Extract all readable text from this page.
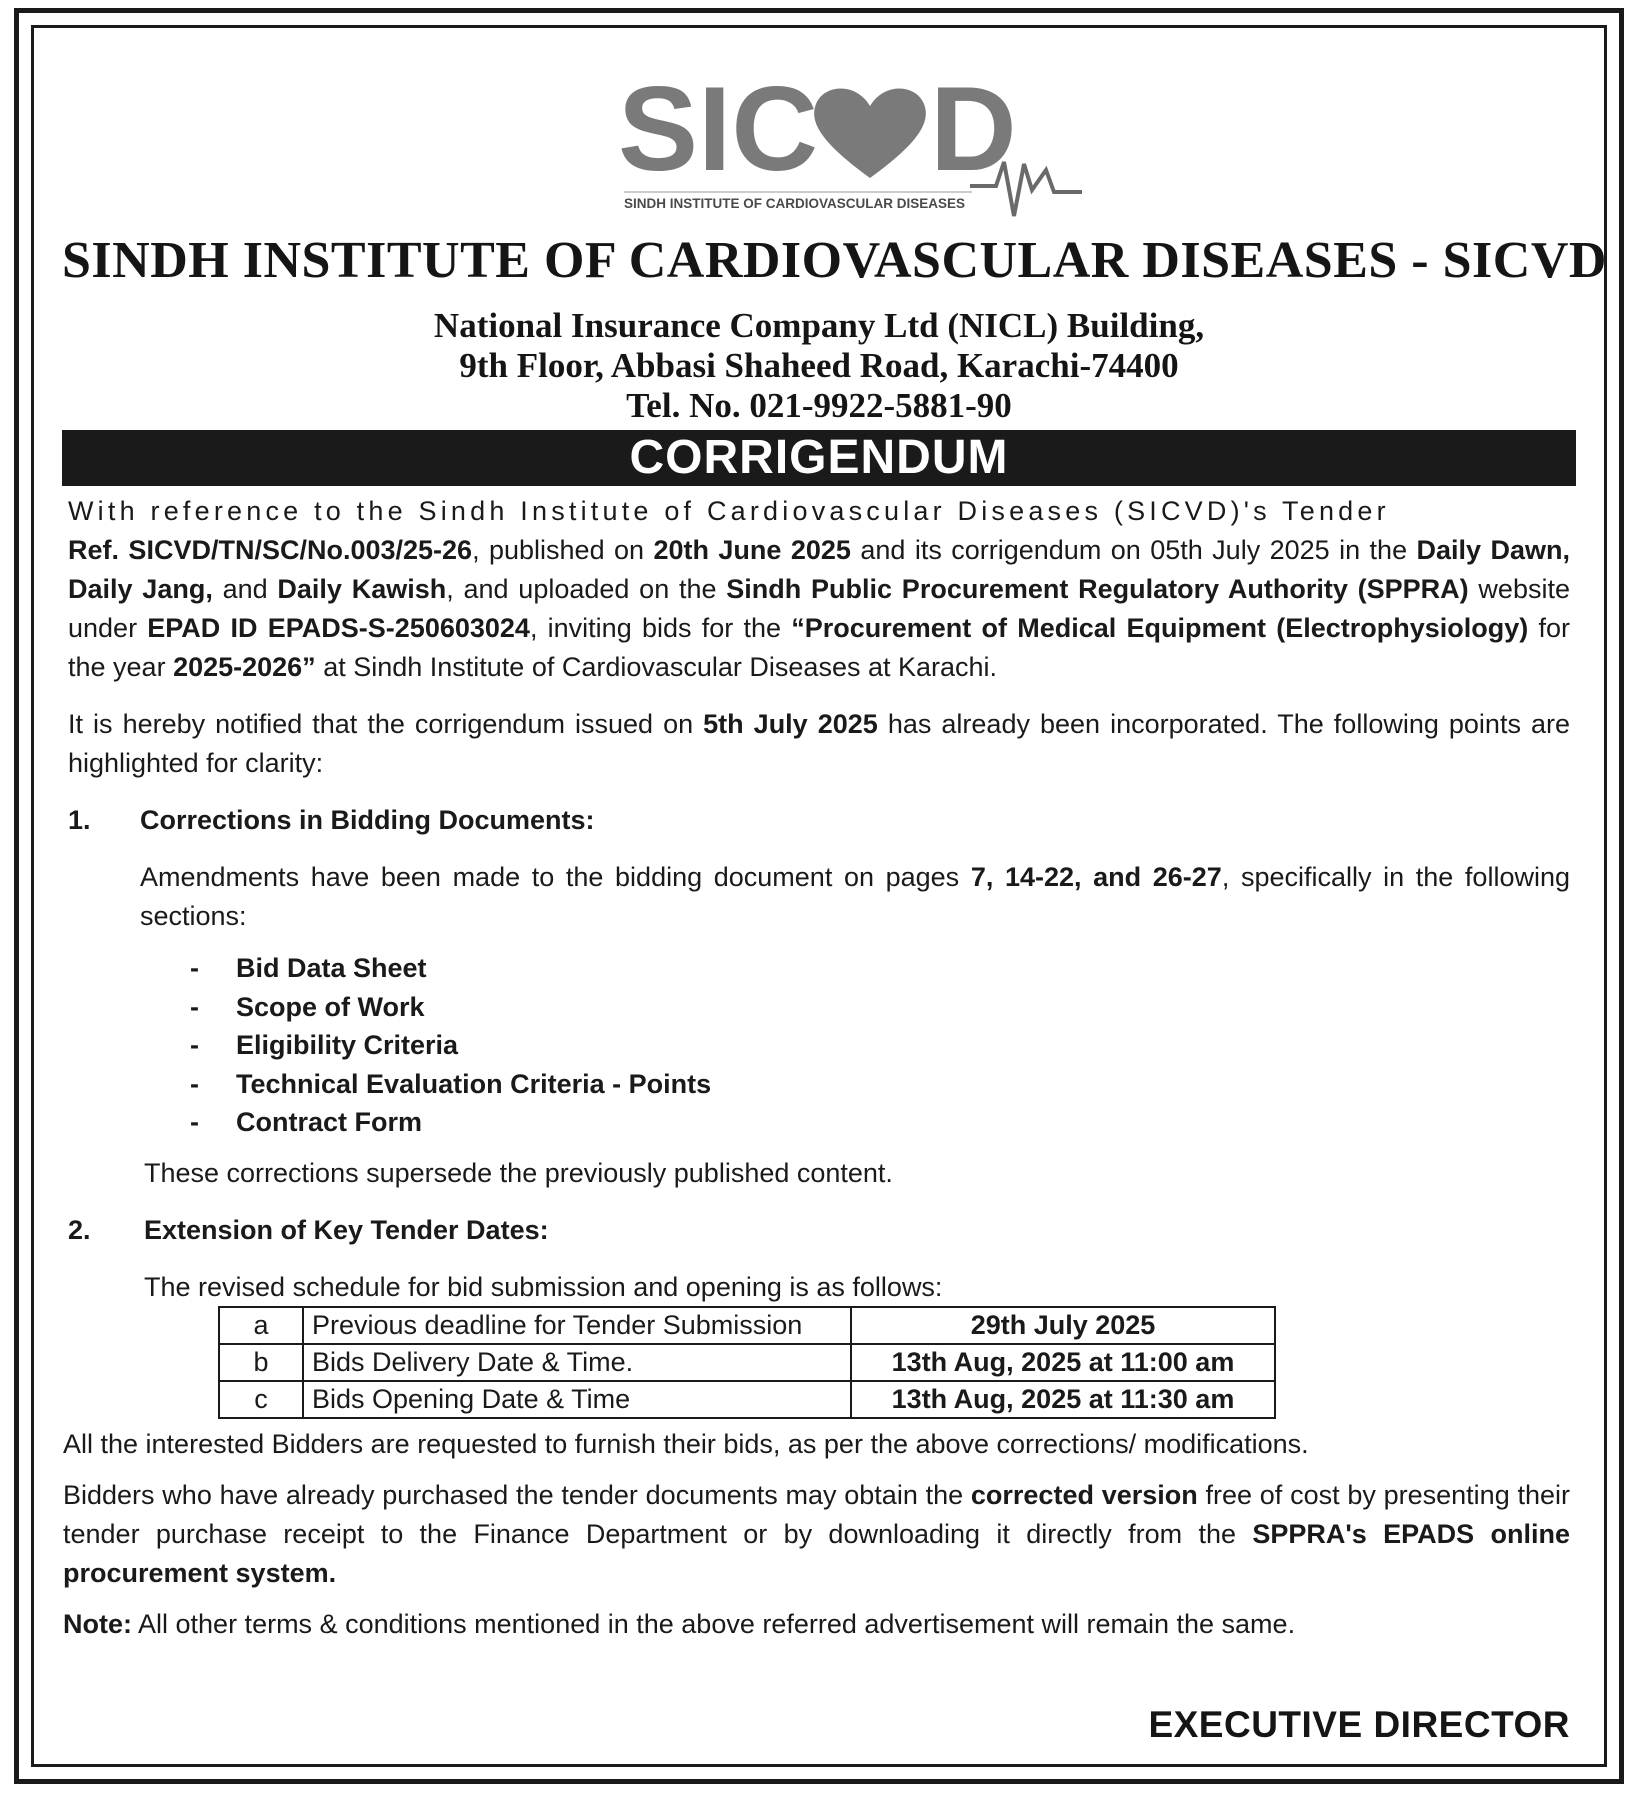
SIC D
SINDH INSTITUTE OF CARDIOVASCULAR DISEASES
SINDH INSTITUTE OF CARDIOVASCULAR DISEASES - SICVD
National Insurance Company Ltd (NICL) Building,
9th Floor, Abbasi Shaheed Road, Karachi-74400
Tel. No. 021-9922-5881-90
CORRIGENDUM

With reference to the Sindh Institute of Cardiovascular Diseases (SICVD)'s Tender
Ref. SICVD/TN/SC/No.003/25-26, published on 20th June 2025 and its corrigendum on 05th July 2025 in the Daily Dawn, Daily Jang, and Daily Kawish, and uploaded on the Sindh Public Procurement Regulatory Authority (SPPRA) website under EPAD ID EPADS-S-250603024, inviting bids for the “Procurement of Medical Equipment (Electrophysiology) for the year 2025-2026” at Sindh Institute of Cardiovascular Diseases at Karachi.

It is hereby notified that the corrigendum issued on 5th July 2025 has already been incorporated. The following points are highlighted for clarity:

1. Corrections in Bidding Documents:

Amendments have been made to the bidding document on pages 7, 14-22, and 26-27, specifically in the following sections:

- Bid Data Sheet
- Scope of Work
- Eligibility Criteria
- Technical Evaluation Criteria - Points
- Contract Form

These corrections supersede the previously published content.

2. Extension of Key Tender Dates:

The revised schedule for bid submission and opening is as follows:

a	Previous deadline for Tender Submission	29th July 2025
b	Bids Delivery Date & Time.	13th Aug, 2025 at 11:00 am
c	Bids Opening Date & Time	13th Aug, 2025 at 11:30 am

All the interested Bidders are requested to furnish their bids, as per the above corrections/ modifications.

Bidders who have already purchased the tender documents may obtain the corrected version free of cost by presenting their tender purchase receipt to the Finance Department or by downloading it directly from the SPPRA's EPADS online procurement system.

Note: All other terms & conditions mentioned in the above referred advertisement will remain the same.

EXECUTIVE DIRECTOR
